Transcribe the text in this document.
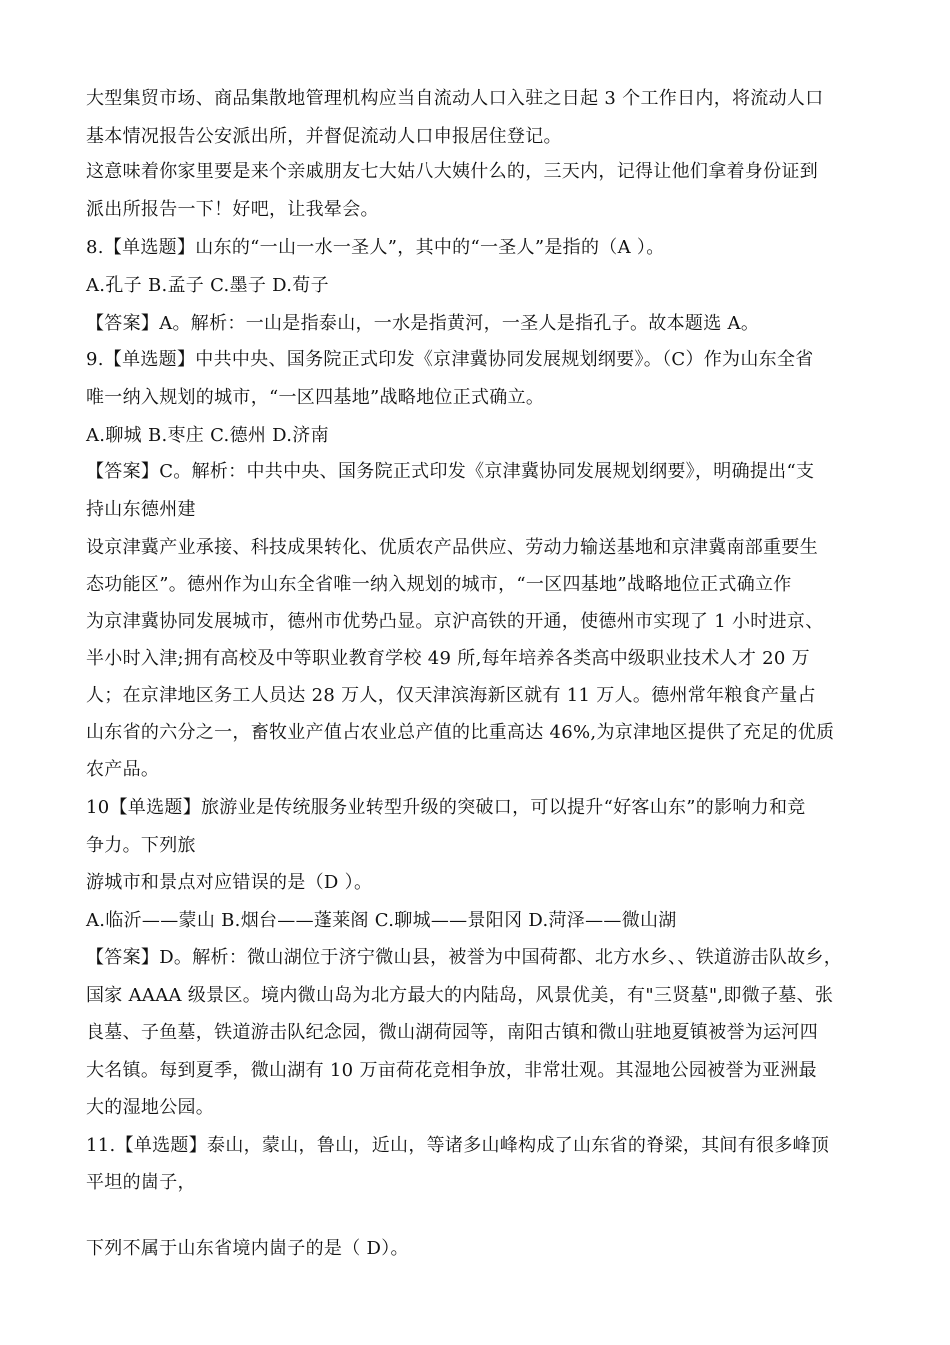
大型集贸市场、商品集散地管理机构应当自流动人口入驻之日起 3 个工作日内，将流动人口
基本情况报告公安派出所，并督促流动人口申报居住登记。
这意味着你家里要是来个亲戚朋友七大姑八大姨什么的，三天内，记得让他们拿着身份证到
派出所报告一下！好吧，让我晕会。
8.【单选题】山东的“一山一水一圣人”，其中的“一圣人”是指的（A ）。
A.孔子 B.孟子 C.墨子 D.荀子
【答案】A。解析：一山是指泰山，一水是指黄河，一圣人是指孔子。故本题选 A。
9.【单选题】中共中央、国务院正式印发《京津冀协同发展规划纲要》。（C）作为山东全省
唯一纳入规划的城市，“一区四基地”战略地位正式确立。
A.聊城 B.枣庄 C.德州 D.济南
【答案】C。解析：中共中央、国务院正式印发《京津冀协同发展规划纲要》，明确提出“支
持山东德州建
设京津冀产业承接、科技成果转化、优质农产品供应、劳动力输送基地和京津冀南部重要生
态功能区”。德州作为山东全省唯一纳入规划的城市，“一区四基地”战略地位正式确立作
为京津冀协同发展城市，德州市优势凸显。京沪高铁的开通，使德州市实现了 1 小时进京、
半小时入津;拥有高校及中等职业教育学校 49 所,每年培养各类高中级职业技术人才 20 万
人；在京津地区务工人员达 28 万人，仅天津滨海新区就有 11 万人。德州常年粮食产量占
山东省的六分之一，畜牧业产值占农业总产值的比重高达 46%,为京津地区提供了充足的优质
农产品。
10【单选题】旅游业是传统服务业转型升级的突破口，可以提升“好客山东”的影响力和竞
争力。下列旅
游城市和景点对应错误的是（D ）。
A.临沂——蒙山 B.烟台——蓬莱阁 C.聊城——景阳冈 D.菏泽——微山湖
【答案】D。解析：微山湖位于济宁微山县，被誉为中国荷都、北方水乡、、铁道游击队故乡，
国家 AAAA 级景区。境内微山岛为北方最大的内陆岛，风景优美，有"三贤墓",即微子墓、张
良墓、子鱼墓，铁道游击队纪念园，微山湖荷园等，南阳古镇和微山驻地夏镇被誉为运河四
大名镇。每到夏季，微山湖有 10 万亩荷花竞相争放，非常壮观。其湿地公园被誉为亚洲最
大的湿地公园。
11.【单选题】泰山，蒙山，鲁山，近山，等诸多山峰构成了山东省的脊梁，其间有很多峰顶
平坦的崮子，
下列不属于山东省境内崮子的是（ D）。
